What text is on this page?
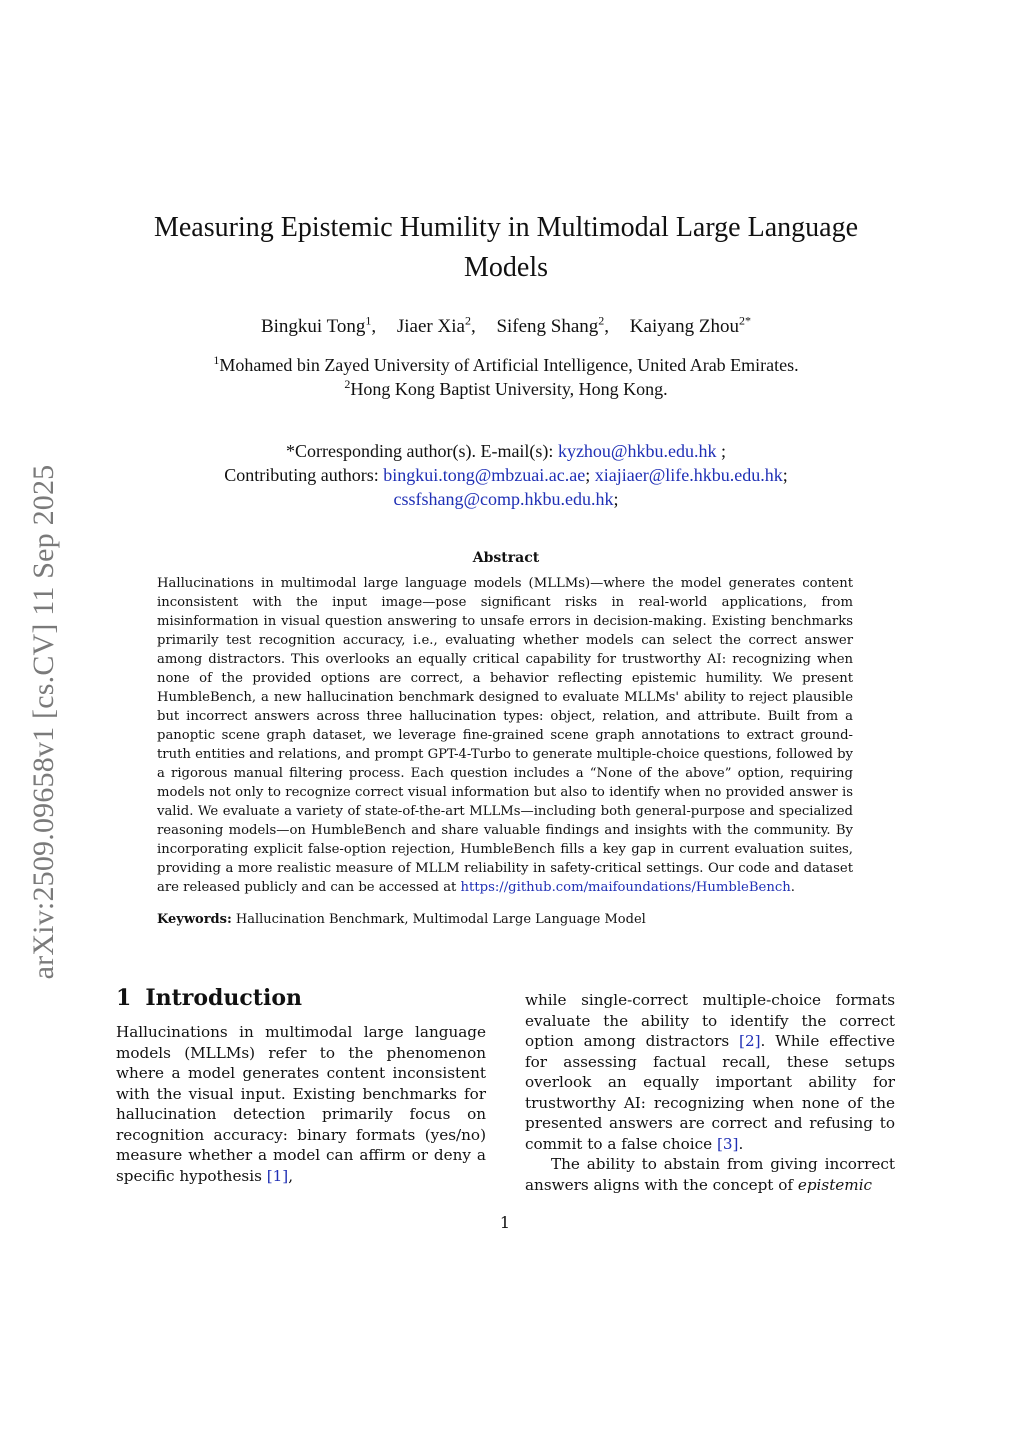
arXiv:2509.09658v1 [cs.CV] 11 Sep 2025
Measuring Epistemic Humility in Multimodal Large Language
Models
Bingkui Tong$^1$, Jiaer Xia$^2$, Sifeng Shang$^2$, Kaiyang Zhou$^{2*}$
$^1$Mohamed bin Zayed University of Artificial Intelligence, United Arab Emirates.
$^2$Hong Kong Baptist University, Hong Kong.
*Corresponding author(s). E-mail(s): kyzhou@hkbu.edu.hk ;
Contributing authors: bingkui.tong@mbzuai.ac.ae; xiajiaer@life.hkbu.edu.hk;
cssfshang@comp.hkbu.edu.hk;
Abstract
Hallucinations in multimodal large language models (MLLMs)—where the model generates content inconsistent with the input image—pose significant risks in real-world applications, from misinformation in visual question answering to unsafe errors in decision-making. Existing benchmarks primarily test recognition accuracy, i.e., evaluating whether models can select the correct answer among distractors. This overlooks an equally critical capability for trustworthy AI: recognizing when none of the provided options are correct, a behavior reflecting epistemic humility. We present HumbleBench, a new hallucination benchmark designed to evaluate MLLMs' ability to reject plausible but incorrect answers across three hallucination types: object, relation, and attribute. Built from a panoptic scene graph dataset, we leverage fine-grained scene graph annotations to extract ground-truth entities and relations, and prompt GPT-4-Turbo to generate multiple-choice questions, followed by a rigorous manual filtering process. Each question includes a “None of the above” option, requiring models not only to recognize correct visual information but also to identify when no provided answer is valid. We evaluate a variety of state-of-the-art MLLMs—including both general-purpose and specialized reasoning models—on HumbleBench and share valuable findings and insights with the community. By incorporating explicit false-option rejection, HumbleBench fills a key gap in current evaluation suites, providing a more realistic measure of MLLM reliability in safety-critical settings. Our code and dataset are released publicly and can be accessed at https://github.com/maifoundations/HumbleBench.
Keywords: Hallucination Benchmark, Multimodal Large Language Model
1 Introduction

Hallucinations in multimodal large language models (MLLMs) refer to the phenomenon where a model generates content inconsistent with the visual input. Existing benchmarks for hallucination detection primarily focus on recognition accuracy: binary formats (yes/no) measure whether a model can affirm or deny a specific hypothesis [1],

while single-correct multiple-choice formats evaluate the ability to identify the correct option among distractors [2]. While effective for assessing factual recall, these setups overlook an equally important ability for trustworthy AI: recognizing when none of the presented answers are correct and refusing to commit to a false choice [3].

The ability to abstain from giving incorrect answers aligns with the concept of epistemic

1
